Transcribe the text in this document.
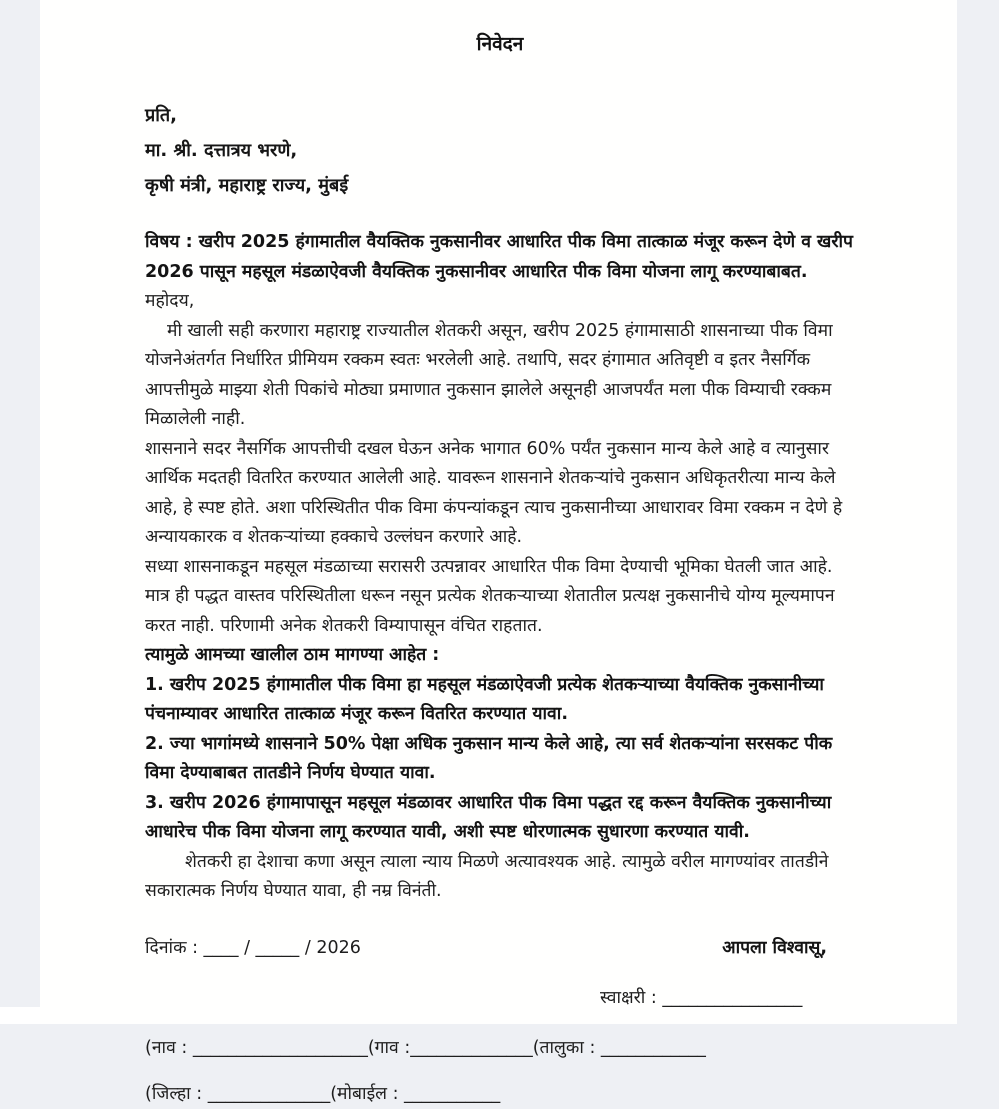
निवेदन

प्रति,

मा. श्री. दत्तात्रय भरणे,

कृषी मंत्री, महाराष्ट्र राज्य, मुंबई

विषय : खरीप 2025 हंगामातील वैयक्तिक नुकसानीवर आधारित पीक विमा तात्काळ मंजूर करून देणे व खरीप 2026 पासून महसूल मंडळाऐवजी वैयक्तिक नुकसानीवर आधारित पीक विमा योजना लागू करण्याबाबत.

महोदय,

मी खाली सही करणारा महाराष्ट्र राज्यातील शेतकरी असून, खरीप 2025 हंगामासाठी शासनाच्या पीक विमा योजनेअंतर्गत निर्धारित प्रीमियम रक्कम स्वतः भरलेली आहे. तथापि, सदर हंगामात अतिवृष्टी व इतर नैसर्गिक आपत्तीमुळे माझ्या शेती पिकांचे मोठ्या प्रमाणात नुकसान झालेले असूनही आजपर्यंत मला पीक विम्याची रक्कम मिळालेली नाही.

शासनाने सदर नैसर्गिक आपत्तीची दखल घेऊन अनेक भागात 60% पर्यंत नुकसान मान्य केले आहे व त्यानुसार आर्थिक मदतही वितरित करण्यात आलेली आहे. यावरून शासनाने शेतकऱ्यांचे नुकसान अधिकृतरीत्या मान्य केले आहे, हे स्पष्ट होते. अशा परिस्थितीत पीक विमा कंपन्यांकडून त्याच नुकसानीच्या आधारावर विमा रक्कम न देणे हे अन्यायकारक व शेतकऱ्यांच्या हक्काचे उल्लंघन करणारे आहे.

सध्या शासनाकडून महसूल मंडळाच्या सरासरी उत्पन्नावर आधारित पीक विमा देण्याची भूमिका घेतली जात आहे. मात्र ही पद्धत वास्तव परिस्थितीला धरून नसून प्रत्येक शेतकऱ्याच्या शेतातील प्रत्यक्ष नुकसानीचे योग्य मूल्यमापन करत नाही. परिणामी अनेक शेतकरी विम्यापासून वंचित राहतात.

त्यामुळे आमच्या खालील ठाम मागण्या आहेत :

1. खरीप 2025 हंगामातील पीक विमा हा महसूल मंडळाऐवजी प्रत्येक शेतकऱ्याच्या वैयक्तिक नुकसानीच्या पंचनाम्यावर आधारित तात्काळ मंजूर करून वितरित करण्यात यावा.

2. ज्या भागांमध्ये शासनाने 50% पेक्षा अधिक नुकसान मान्य केले आहे, त्या सर्व शेतकऱ्यांना सरसकट पीक विमा देण्याबाबत तातडीने निर्णय घेण्यात यावा.

3. खरीप 2026 हंगामापासून महसूल मंडळावर आधारित पीक विमा पद्धत रद्द करून वैयक्तिक नुकसानीच्या आधारेच पीक विमा योजना लागू करण्यात यावी, अशी स्पष्ट धोरणात्मक सुधारणा करण्यात यावी.

शेतकरी हा देशाचा कणा असून त्याला न्याय मिळणे अत्यावश्यक आहे. त्यामुळे वरील मागण्यांवर तातडीने सकारात्मक निर्णय घेण्यात यावा, ही नम्र विनंती.

दिनांक : ____ / _____ / 2026	आपला विश्वासू,

स्वाक्षरी : ________________

(नाव : ____________________(गाव :______________(तालुका : ____________

(जिल्हा : ______________(मोबाईल : ___________
